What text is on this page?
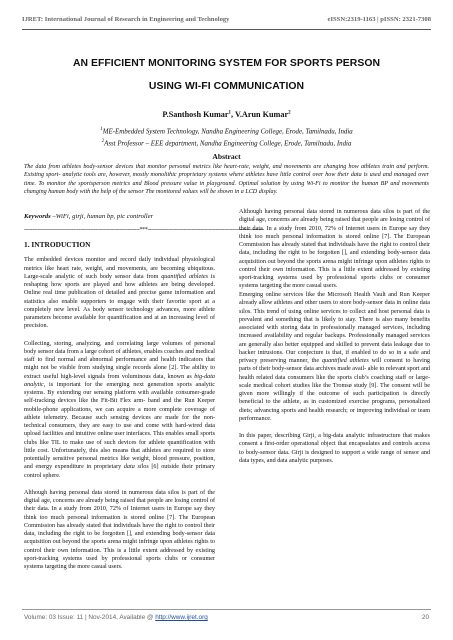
IJRET: International Journal of Research in Engineering and Technology	eISSN:2319-1163 | pISSN: 2321-7308
AN EFFICIENT MONITORING SYSTEM FOR SPORTS PERSON
USING WI-FI COMMUNICATION
P.Santhosh Kumar$^1$, V.Arun Kumar$^2$
$^1$ME-Embedded System Technology, Nandha Engineering College, Erode, Tamilnadu, India
$^2$Asst Professor – EEE department, Nandha Engineering College, Erode, Tamilnadu, India
Abstract
The data from athletes body-sensor devices that monitor personal metrics like heart-rate, weight, and movements are changing how athletes train and perform. Existing sport- analytic tools are, however, mostly monolithic proprietary systems where athletes have little control over how their data is used and managed over time. To monitor the sportsperson metrics and Blood pressure value in playground. Optimal solution by using Wi-Fi to monitor the human BP and movements changing human body with the help of the sensor The monitored values will be shown in a LCD display.
Keywords –WiFi, girji, human bp, pic controller
--------------------------------------------------------------------***--------------------------------------------------------------------
1. INTRODUCTION

The embedded devices monitor and record daily individual physiological metrics like heart rate, weight, and movements, are becoming ubiquitous. Large-scale analytic of such body sensor data from quantified athletes is reshaping how sports are played and how athletes are being developed. Online real time publication of detailed and precise game information and statistics also enable supporters to engage with their favorite sport at a completely new level. As body sensor technology advances, more athlete parameters become available for quantification and at an increasing level of precision.

Collecting, storing, analyzing, and correlating large volumes of personal body sensor data from a large cohort of athletes, enables coaches and medical staff to find normal and abnormal performance and health indicators that might not be visible from studying single records alone [2]. The ability to extract useful high-level signals from voluminous data, known as big-data analytic, is important for the emerging next generation sports analytic systems. By extending our sensing platform with available consumer-grade self-tracking devices like the Fit-Bit Flex arm- band and the Run Keeper mobile-phone applications, we can acquire a more complete coverage of athlete telemetry. Because such sensing devices are made for the non-technical consumers, they are easy to use and come with hard-wired data upload facilities and intuitive online user interfaces. This enables small sports clubs like TIL to make use of such devices for athlete quantification with little cost. Unfortunately, this also means that athletes are required to store potentially sensitive personal metrics like weight, blood pressure, position, and energy expenditure in proprietary data silos [6] outside their primary control sphere.

Although having personal data stored in numerous data silos is part of the digital age, concerns are already being raised that people are losing control of their data. In a study from 2010, 72% of Internet users in Europe say they think too much personal information is stored online [7]. The European Commission has already stated that individuals have the right to control their data, including the right to be forgotten [], and extending body-sensor data acquisition out beyond the sports arena might infringe upon athletes rights to control their own information. This is a little extent addressed by existing sport-tracking systems used by professional sports clubs or consumer systems targeting the more casual users.

Although having personal data stored in numerous data silos is part of the digital age, concerns are already being raised that people are losing control of their data. In a study from 2010, 72% of Internet users in Europe say they think too much personal information is stored online [7]. The European Commission has already stated that individuals have the right to control their data, including the right to be forgotten [], and extending body-sensor data acquisition out beyond the sports arena might infringe upon athletes rights to control their own information. This is a little extent addressed by existing sport-tracking systems used by professional sports clubs or consumer systems targeting the more casual users.

Emerging online services like the Microsoft Health Vault and Run Keeper already allow athletes and other users to store body-sensor data in online data silos. This trend of using online services to collect and host personal data is prevalent and something that is likely to stay. There is also many benefits associated with storing data in professionally managed services, including increased availability and regular backups. Professionally managed services are generally also better equipped and skilled to prevent data leakage due to hacker intrusions. Our conjecture is that, if enabled to do so in a safe and privacy preserving manner, the quantified athletes will consent to having parts of their body-sensor data archives made avail- able to relevant sport and health related data consumers like the sports club’s coaching staff or large-scale medical cohort studies like the Tromsø study [9]. The consent will be given more willingly if the outcome of such participation is directly beneficial to the athlete, as in customized exercise programs, personalized diets; advancing sports and health research; or improving individual or team performance.

In this paper, describing Girji, a big-data analytic infrastructure that makes consent a first-order operational object that encapsulates and controls access to body-sensor data. Girji is designed to support a wide range of sensor and data types, and data analytic purposes.

Volume: 03 Issue: 11 | Nov-2014, Available @ http://www.ijret.org	20
